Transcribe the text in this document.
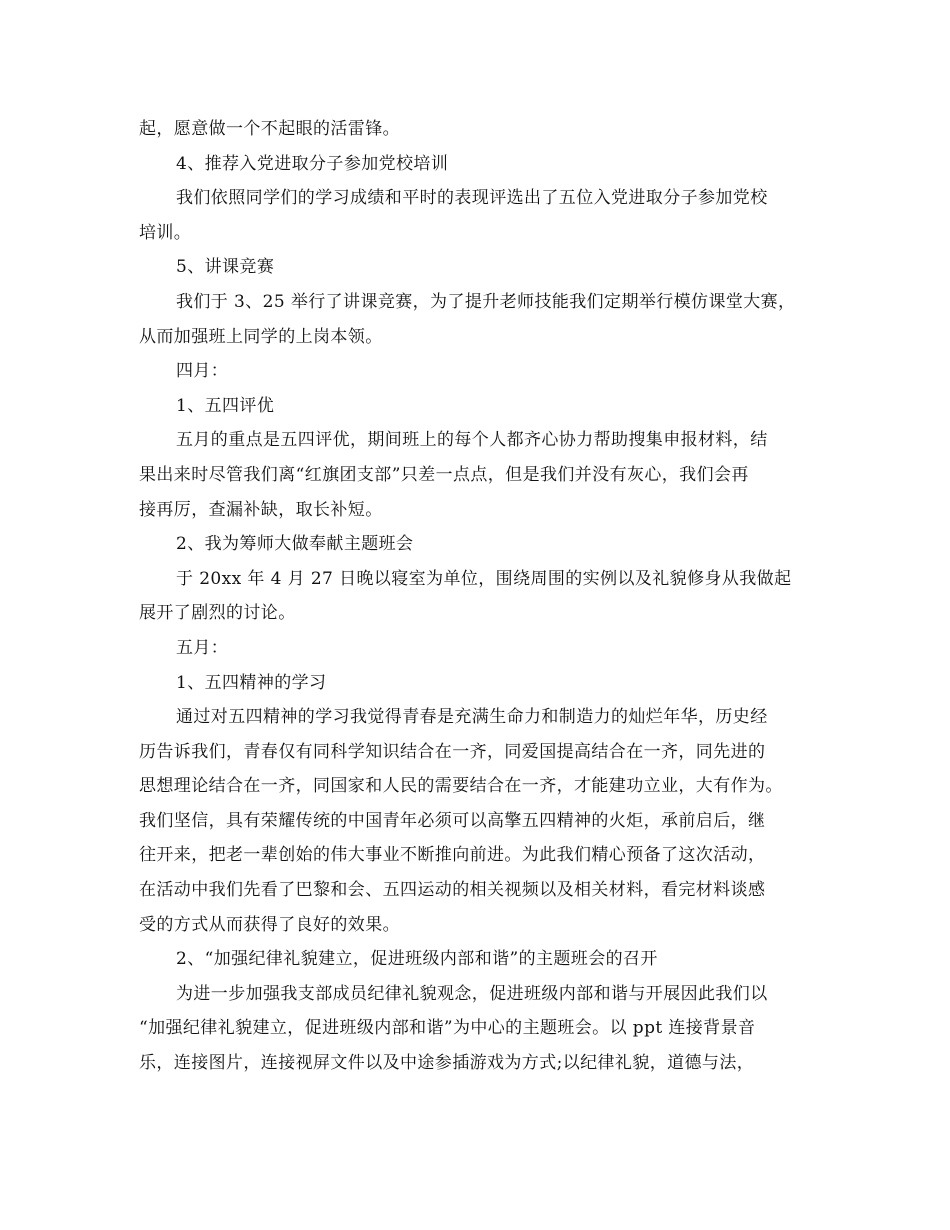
起，愿意做一个不起眼的活雷锋。
4、推荐入党进取分子参加党校培训
我们依照同学们的学习成绩和平时的表现评选出了五位入党进取分子参加党校
培训。
5、讲课竞赛
我们于 3、25 举行了讲课竞赛，为了提升老师技能我们定期举行模仿课堂大赛，
从而加强班上同学的上岗本领。
四月：
1、五四评优
五月的重点是五四评优，期间班上的每个人都齐心协力帮助搜集申报材料，结
果出来时尽管我们离“红旗团支部”只差一点点，但是我们并没有灰心，我们会再
接再厉，查漏补缺，取长补短。
2、我为筹师大做奉献主题班会
于 20xx 年 4 月 27 日晚以寝室为单位，围绕周围的实例以及礼貌修身从我做起
展开了剧烈的讨论。
五月：
1、五四精神的学习
通过对五四精神的学习我觉得青春是充满生命力和制造力的灿烂年华，历史经
历告诉我们，青春仅有同科学知识结合在一齐，同爱国提高结合在一齐，同先进的
思想理论结合在一齐，同国家和人民的需要结合在一齐，才能建功立业，大有作为。
我们坚信，具有荣耀传统的中国青年必须可以高擎五四精神的火炬，承前启后，继
往开来，把老一辈创始的伟大事业不断推向前进。为此我们精心预备了这次活动，
在活动中我们先看了巴黎和会、五四运动的相关视频以及相关材料，看完材料谈感
受的方式从而获得了良好的效果。
2、“加强纪律礼貌建立，促进班级内部和谐”的主题班会的召开
为进一步加强我支部成员纪律礼貌观念，促进班级内部和谐与开展因此我们以
“加强纪律礼貌建立，促进班级内部和谐”为中心的主题班会。以 ppt 连接背景音
乐，连接图片，连接视屏文件以及中途参插游戏为方式;以纪律礼貌，道德与法，
